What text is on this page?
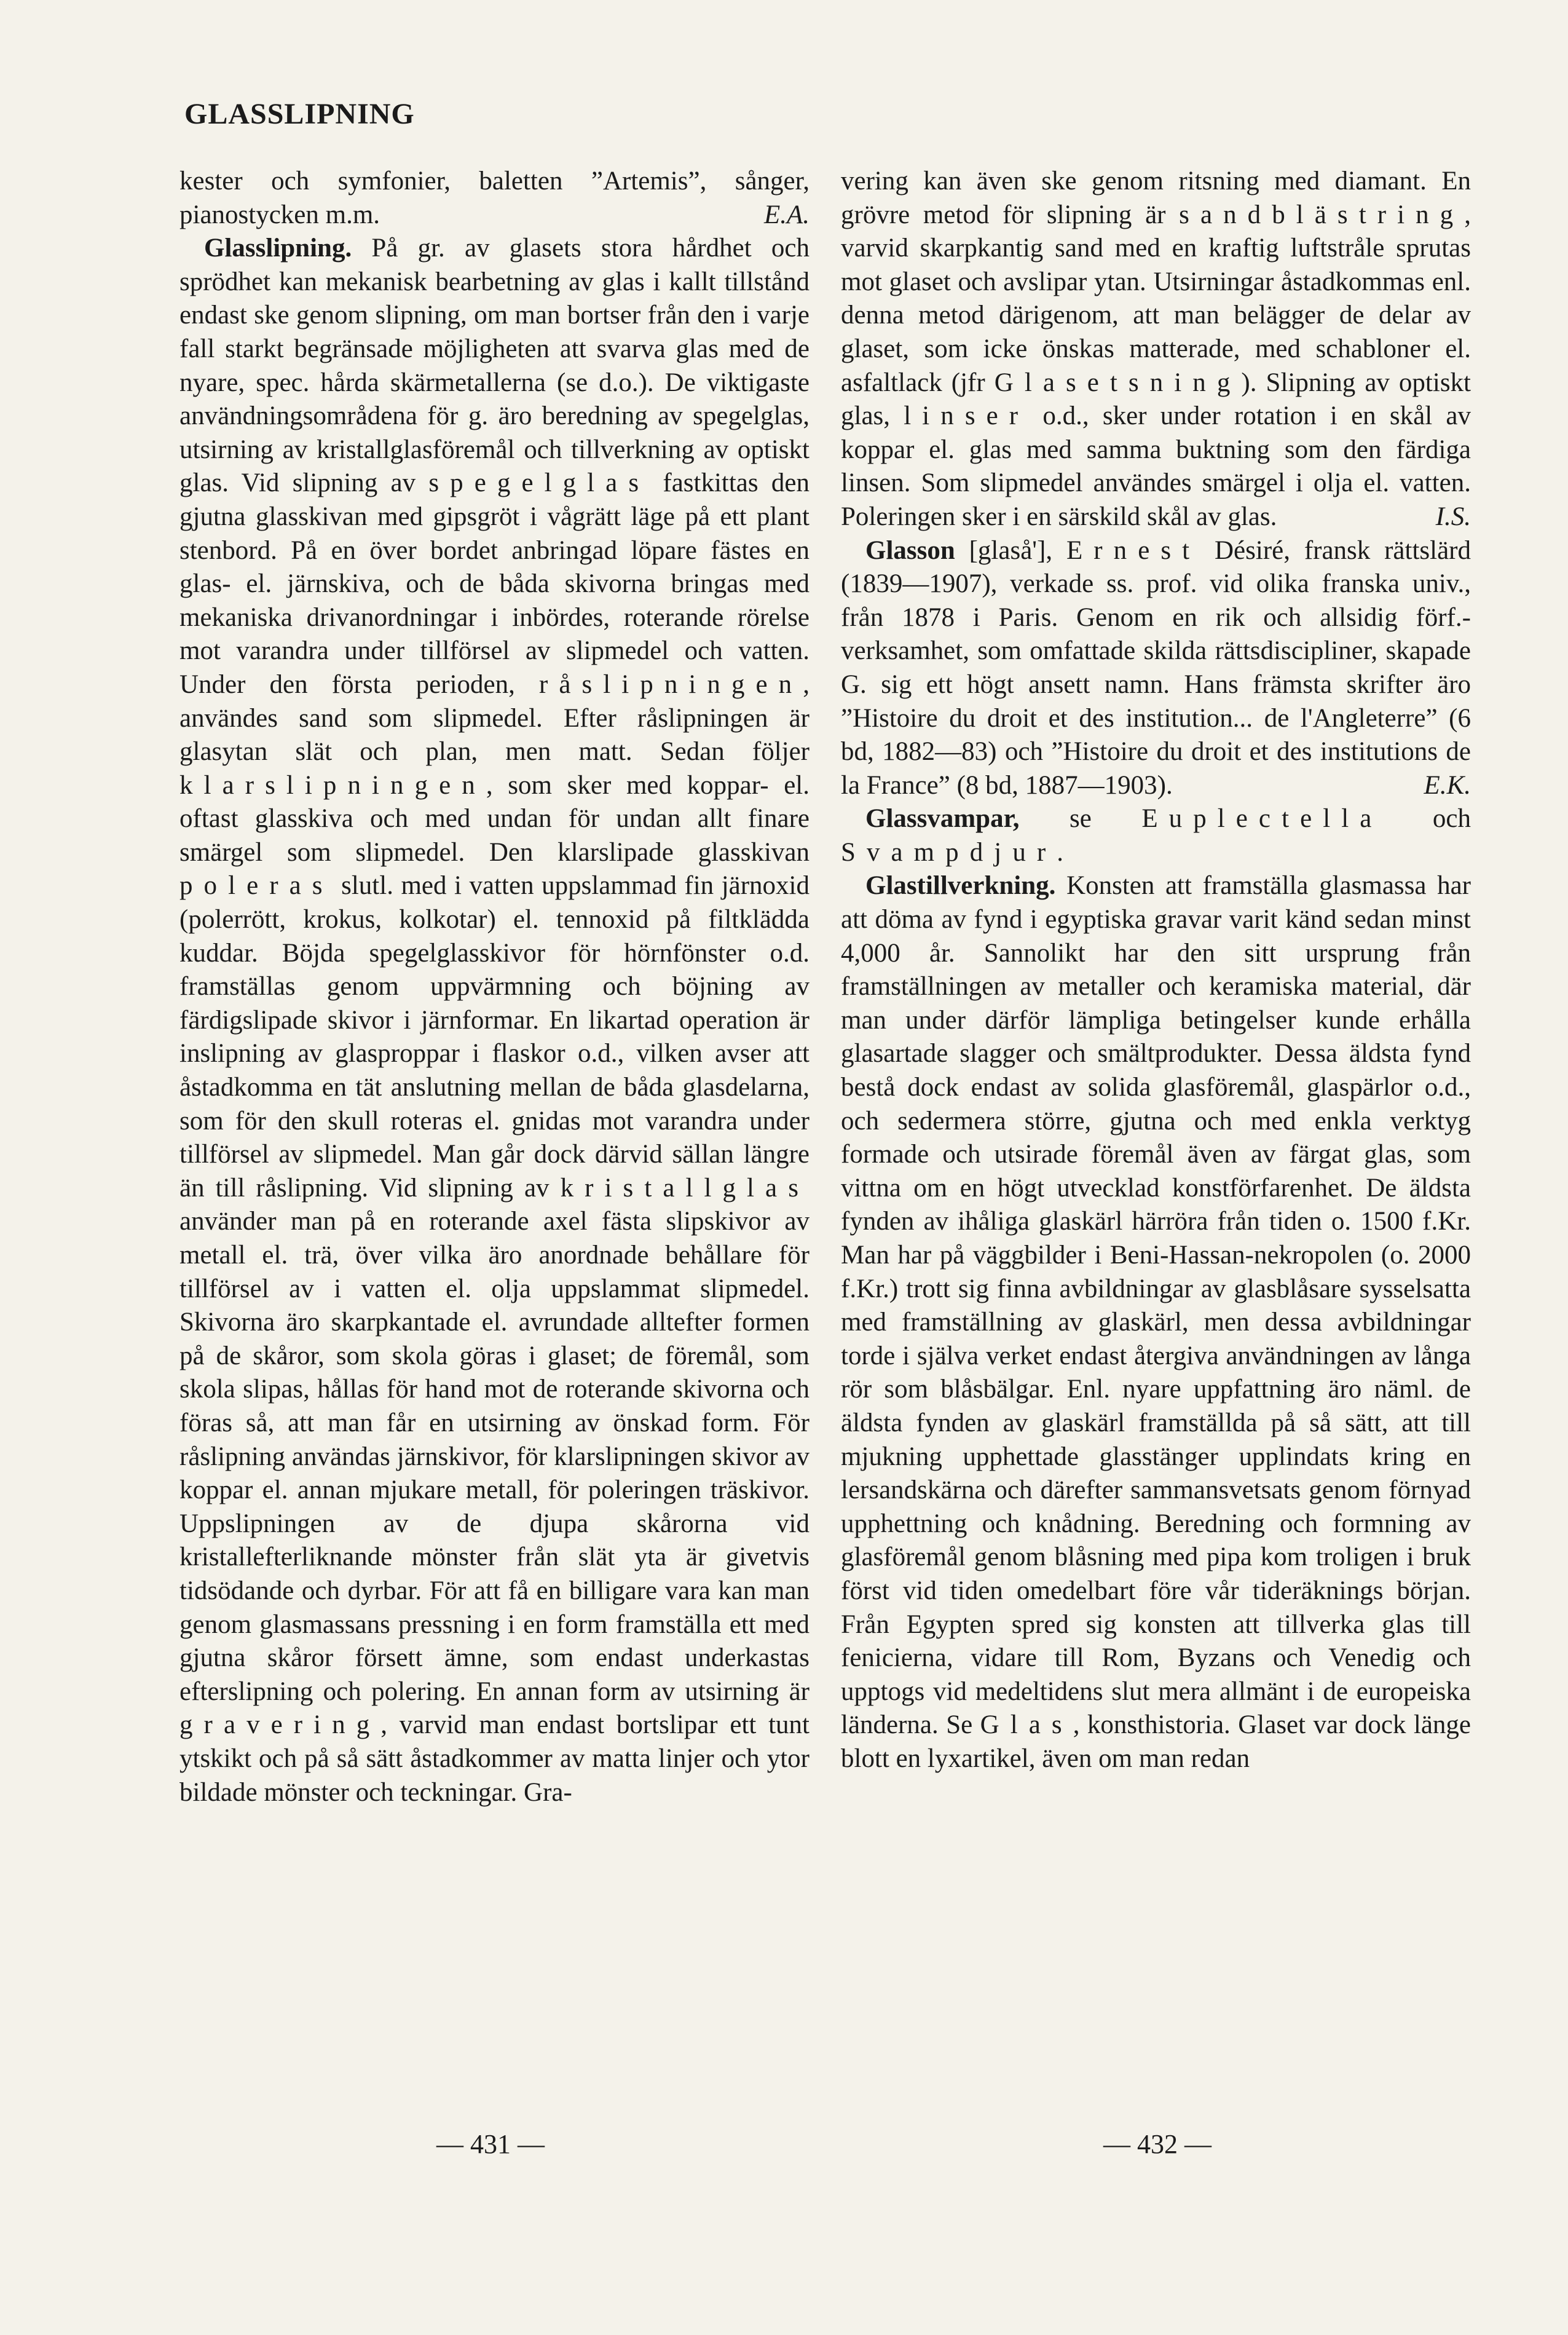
GLASSLIPNING

kester och symfonier, baletten ”Artemis”, sånger, pianostycken m.m.	E.A.

Glasslipning. På gr. av glasets stora hårdhet och sprödhet kan mekanisk bearbetning av glas i kallt tillstånd endast ske genom slipning, om man bortser från den i varje fall starkt begränsade möjligheten att svarva glas med de nyare, spec. hårda skärmetallerna (se d.o.). De viktigaste användningsområdena för g. äro beredning av spegelglas, utsirning av kristallglasföremål och tillverkning av optiskt glas. Vid slipning av spegelglas fastkittas den gjutna glasskivan med gipsgröt i vågrätt läge på ett plant stenbord. På en över bordet anbringad löpare fästes en glas- el. järnskiva, och de båda skivorna bringas med mekaniska drivanordningar i inbördes, roterande rörelse mot varandra under tillförsel av slipmedel och vatten. Under den första perioden, råslipningen, användes sand som slipmedel. Efter råslipningen är glasytan slät och plan, men matt. Sedan följer klarslipningen, som sker med koppar- el. oftast glasskiva och med undan för undan allt finare smärgel som slipmedel. Den klarslipade glasskivan poleras slutl. med i vatten uppslammad fin järnoxid (polerrött, krokus, kolkotar) el. tennoxid på filtklädda kuddar. Böjda spegelglasskivor för hörnfönster o.d. framställas genom uppvärmning och böjning av färdigslipade skivor i järnformar. En likartad operation är inslipning av glasproppar i flaskor o.d., vilken avser att åstadkomma en tät anslutning mellan de båda glasdelarna, som för den skull roteras el. gnidas mot varandra under tillförsel av slipmedel. Man går dock därvid sällan längre än till råslipning. Vid slipning av kristallglas använder man på en roterande axel fästa slipskivor av metall el. trä, över vilka äro anordnade behållare för tillförsel av i vatten el. olja uppslammat slipmedel. Skivorna äro skarpkantade el. avrundade alltefter formen på de skåror, som skola göras i glaset; de föremål, som skola slipas, hållas för hand mot de roterande skivorna och föras så, att man får en utsirning av önskad form. För råslipning användas järnskivor, för klarslipningen skivor av koppar el. annan mjukare metall, för poleringen träskivor. Uppslipningen av de djupa skårorna vid kristallefterliknande mönster från slät yta är givetvis tidsödande och dyrbar. För att få en billigare vara kan man genom glasmassans pressning i en form framställa ett med gjutna skåror försett ämne, som endast underkastas efterslipning och polering. En annan form av utsirning är gravering, varvid man endast bortslipar ett tunt ytskikt och på så sätt åstadkommer av matta linjer och ytor bildade mönster och teckningar. Gra-

vering kan även ske genom ritsning med diamant. En grövre metod för slipning är sandblästring, varvid skarpkantig sand med en kraftig luftstråle sprutas mot glaset och avslipar ytan. Utsirningar åstadkommas enl. denna metod därigenom, att man belägger de delar av glaset, som icke önskas matterade, med schabloner el. asfaltlack (jfr Glasetsning). Slipning av optiskt glas, linser o.d., sker under rotation i en skål av koppar el. glas med samma buktning som den färdiga linsen. Som slipmedel användes smärgel i olja el. vatten. Poleringen sker i en särskild skål av glas.	I.S.

Glasson [glaså'], Ernest Désiré, fransk rättslärd (1839—1907), verkade ss. prof. vid olika franska univ., från 1878 i Paris. Genom en rik och allsidig förf.-verksamhet, som omfattade skilda rättsdiscipliner, skapade G. sig ett högt ansett namn. Hans främsta skrifter äro ”Histoire du droit et des institution... de l'Angleterre” (6 bd, 1882—83) och ”Histoire du droit et des institutions de la France” (8 bd, 1887—1903).	E.K.

Glassvampar, se Euplectella och Svampdjur.

Glastillverkning. Konsten att framställa glasmassa har att döma av fynd i egyptiska gravar varit känd sedan minst 4,000 år. Sannolikt har den sitt ursprung från framställningen av metaller och keramiska material, där man under därför lämpliga betingelser kunde erhålla glasartade slagger och smältprodukter. Dessa äldsta fynd bestå dock endast av solida glasföremål, glaspärlor o.d., och sedermera större, gjutna och med enkla verktyg formade och utsirade föremål även av färgat glas, som vittna om en högt utvecklad konstförfarenhet. De äldsta fynden av ihåliga glaskärl härröra från tiden o. 1500 f.Kr. Man har på väggbilder i Beni-Hassan-nekropolen (o. 2000 f.Kr.) trott sig finna avbildningar av glasblåsare sysselsatta med framställning av glaskärl, men dessa avbildningar torde i själva verket endast återgiva användningen av långa rör som blåsbälgar. Enl. nyare uppfattning äro näml. de äldsta fynden av glaskärl framställda på så sätt, att till mjukning upphettade glasstänger upplindats kring en lersandskärna och därefter sammansvetsats genom förnyad upphettning och knådning. Beredning och formning av glasföremål genom blåsning med pipa kom troligen i bruk först vid tiden omedelbart före vår tideräknings början. Från Egypten spred sig konsten att tillverka glas till fenicierna, vidare till Rom, Byzans och Venedig och upptogs vid medeltidens slut mera allmänt i de europeiska länderna. Se Glas, konsthistoria. Glaset var dock länge blott en lyxartikel, även om man redan

— 431 —	— 432 —
